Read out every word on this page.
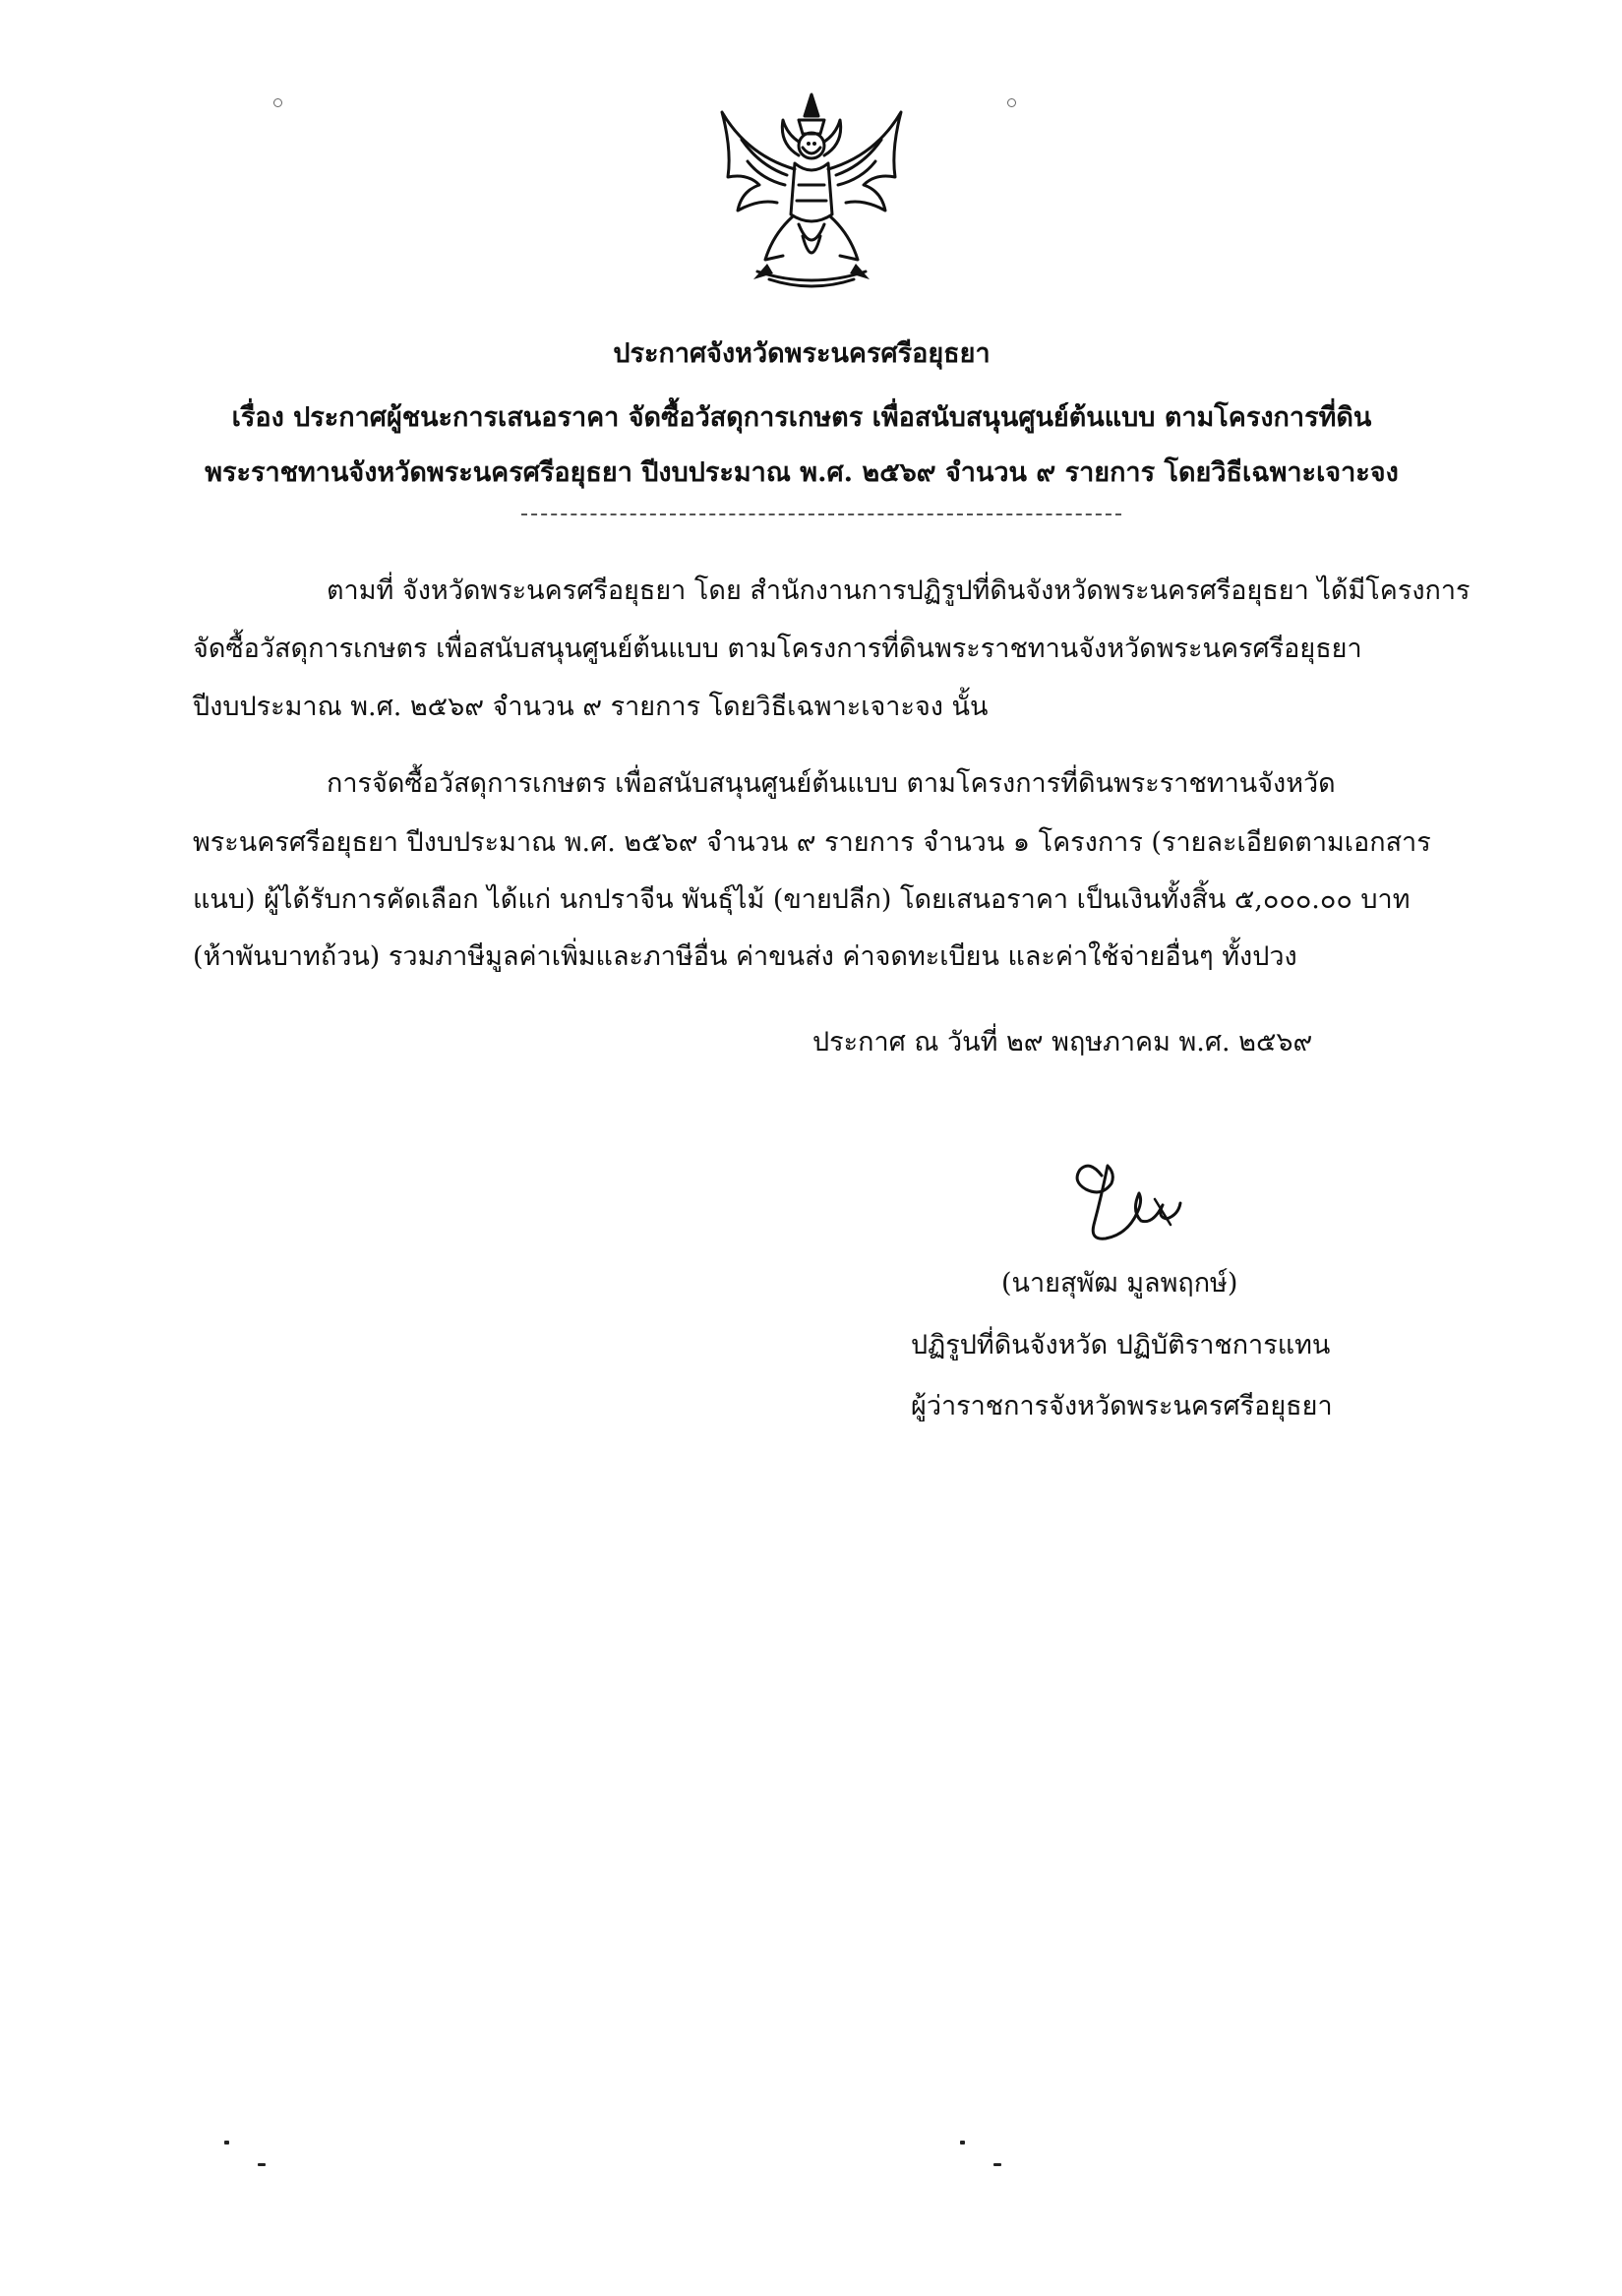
ประกาศจังหวัดพระนครศรีอยุธยา
เรื่อง ประกาศผู้ชนะการเสนอราคา จัดซื้อวัสดุการเกษตร เพื่อสนับสนุนศูนย์ต้นแบบ ตามโครงการที่ดิน
พระราชทานจังหวัดพระนครศรีอยุธยา ปีงบประมาณ พ.ศ. ๒๕๖๙ จำนวน ๙ รายการ โดยวิธีเฉพาะเจาะจง
ตามที่ จังหวัดพระนครศรีอยุธยา โดย สำนักงานการปฏิรูปที่ดินจังหวัดพระนครศรีอยุธยา ได้มีโครงการ
จัดซื้อวัสดุการเกษตร เพื่อสนับสนุนศูนย์ต้นแบบ ตามโครงการที่ดินพระราชทานจังหวัดพระนครศรีอยุธยา
ปีงบประมาณ พ.ศ. ๒๕๖๙ จำนวน ๙ รายการ โดยวิธีเฉพาะเจาะจง นั้น
การจัดซื้อวัสดุการเกษตร เพื่อสนับสนุนศูนย์ต้นแบบ ตามโครงการที่ดินพระราชทานจังหวัด
พระนครศรีอยุธยา ปีงบประมาณ พ.ศ. ๒๕๖๙ จำนวน ๙ รายการ จำนวน ๑ โครงการ (รายละเอียดตามเอกสาร
แนบ) ผู้ได้รับการคัดเลือก ได้แก่ นกปราจีน พันธุ์ไม้ (ขายปลีก) โดยเสนอราคา เป็นเงินทั้งสิ้น ๕,๐๐๐.๐๐ บาท
(ห้าพันบาทถ้วน) รวมภาษีมูลค่าเพิ่มและภาษีอื่น ค่าขนส่ง ค่าจดทะเบียน และค่าใช้จ่ายอื่นๆ ทั้งปวง
ประกาศ ณ วันที่ ๒๙ พฤษภาคม พ.ศ. ๒๕๖๙
(นายสุพัฒ มูลพฤกษ์)
ปฏิรูปที่ดินจังหวัด ปฏิบัติราชการแทน
ผู้ว่าราชการจังหวัดพระนครศรีอยุธยา
